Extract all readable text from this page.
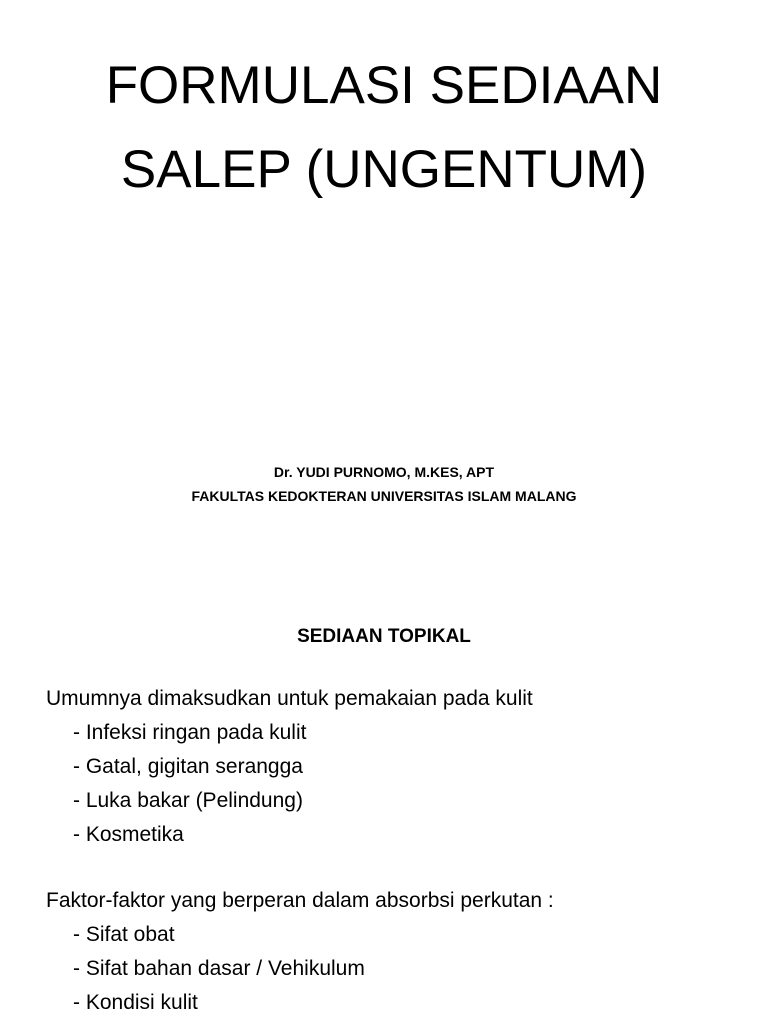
FORMULASI SEDIAAN
SALEP (UNGENTUM)
Dr. YUDI PURNOMO, M.KES, APT
FAKULTAS KEDOKTERAN UNIVERSITAS ISLAM MALANG
SEDIAAN TOPIKAL
Umumnya dimaksudkan untuk pemakaian pada kulit
- Infeksi ringan pada kulit
- Gatal, gigitan serangga
- Luka bakar (Pelindung)
- Kosmetika
Faktor-faktor yang berperan dalam absorbsi perkutan :
- Sifat obat
- Sifat bahan dasar / Vehikulum
- Kondisi kulit
